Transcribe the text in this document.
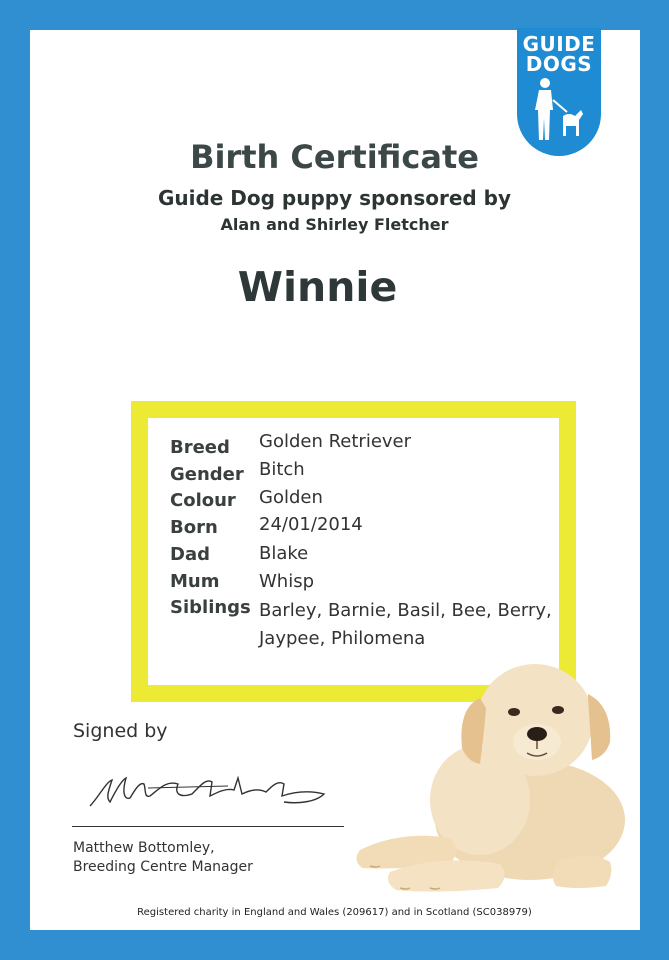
GUIDE
DOGS
Birth Certificate
Guide Dog puppy sponsored by
Alan and Shirley Fletcher
Winnie
Breed Golden Retriever
Gender Bitch
Colour Golden
Born 24/01/2014
Dad	Blake
Mum Whisp
Siblings Barley, Barnie, Basil, Bee, Berry,
Jaypee, Philomena
Signed by
Matthew Bottomley,
Breeding Centre Manager
Registered charity in England and Wales (209617) and in Scotland (SC038979)
